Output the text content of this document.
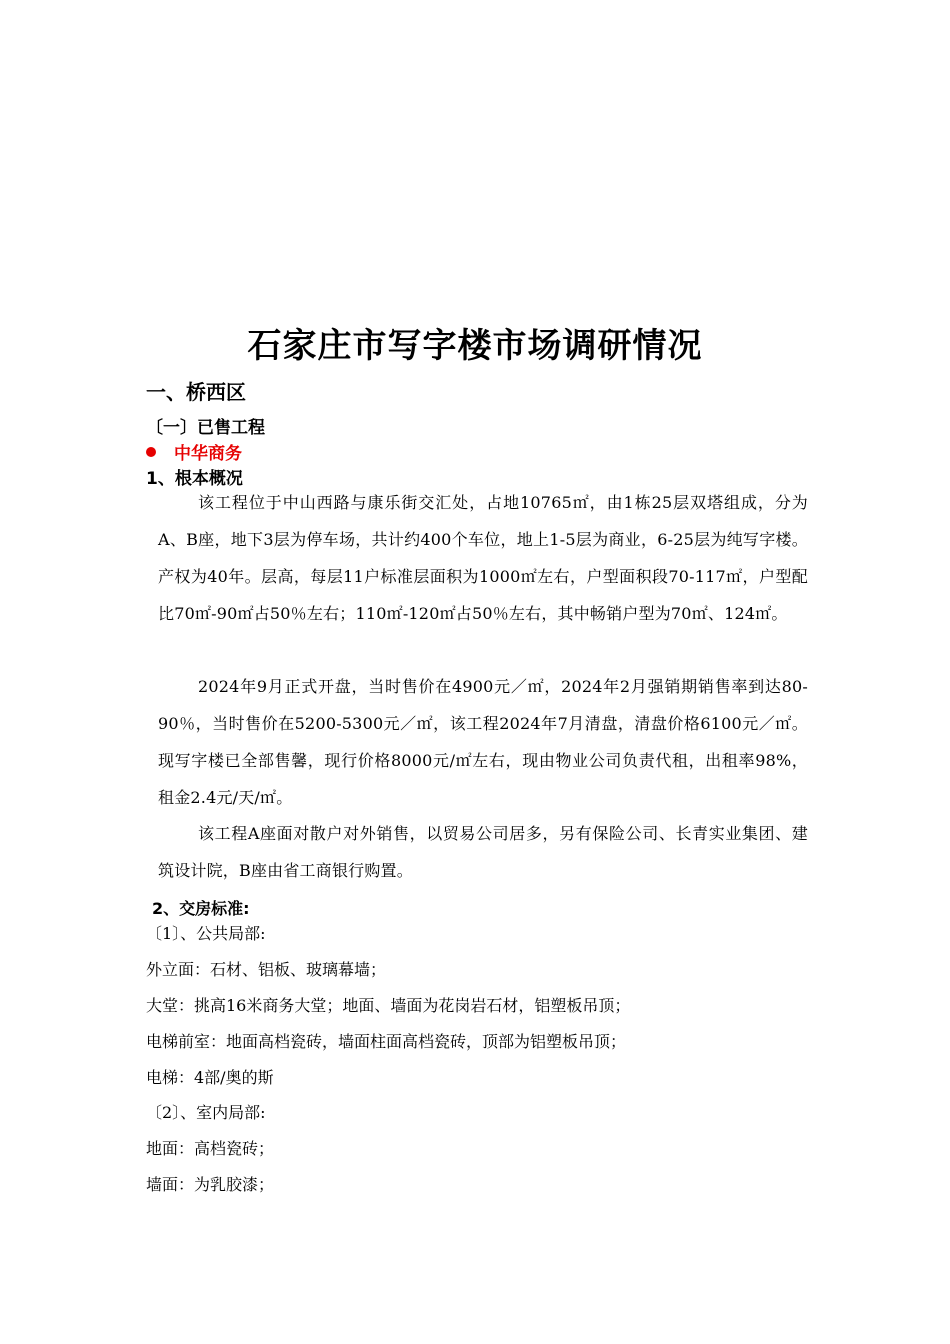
石家庄市写字楼市场调研情况
一、桥西区
〔一〕已售工程
中华商务
1、根本概况
该工程位于中山西路与康乐街交汇处，占地10765㎡，由1栋25层双塔组成，分为A、B座，地下3层为停车场，共计约400个车位，地上1-5层为商业，6-25层为纯写字楼。产权为40年。层高，每层11户标准层面积为1000㎡左右，户型面积段70-117㎡，户型配比70㎡-90㎡占50％左右；110㎡-120㎡占50％左右，其中畅销户型为70㎡、124㎡。
2024年9月正式开盘，当时售价在4900元／㎡，2024年2月强销期销售率到达80-90％，当时售价在5200-5300元／㎡，该工程2024年7月清盘，清盘价格6100元／㎡。现写字楼已全部售馨，现行价格8000元/㎡左右，现由物业公司负责代租，出租率98%，租金2.4元/天/㎡。
该工程A座面对散户对外销售，以贸易公司居多，另有保险公司、长青实业集团、建筑设计院，B座由省工商银行购置。
2、交房标准:
〔1〕、公共局部:
外立面：石材、铝板、玻璃幕墙；
大堂：挑高16米商务大堂；地面、墙面为花岗岩石材，铝塑板吊顶；
电梯前室：地面高档瓷砖，墙面柱面高档瓷砖，顶部为铝塑板吊顶；
电梯：4部/奥的斯
〔2〕、室内局部:
地面：高档瓷砖；
墙面：为乳胶漆；
